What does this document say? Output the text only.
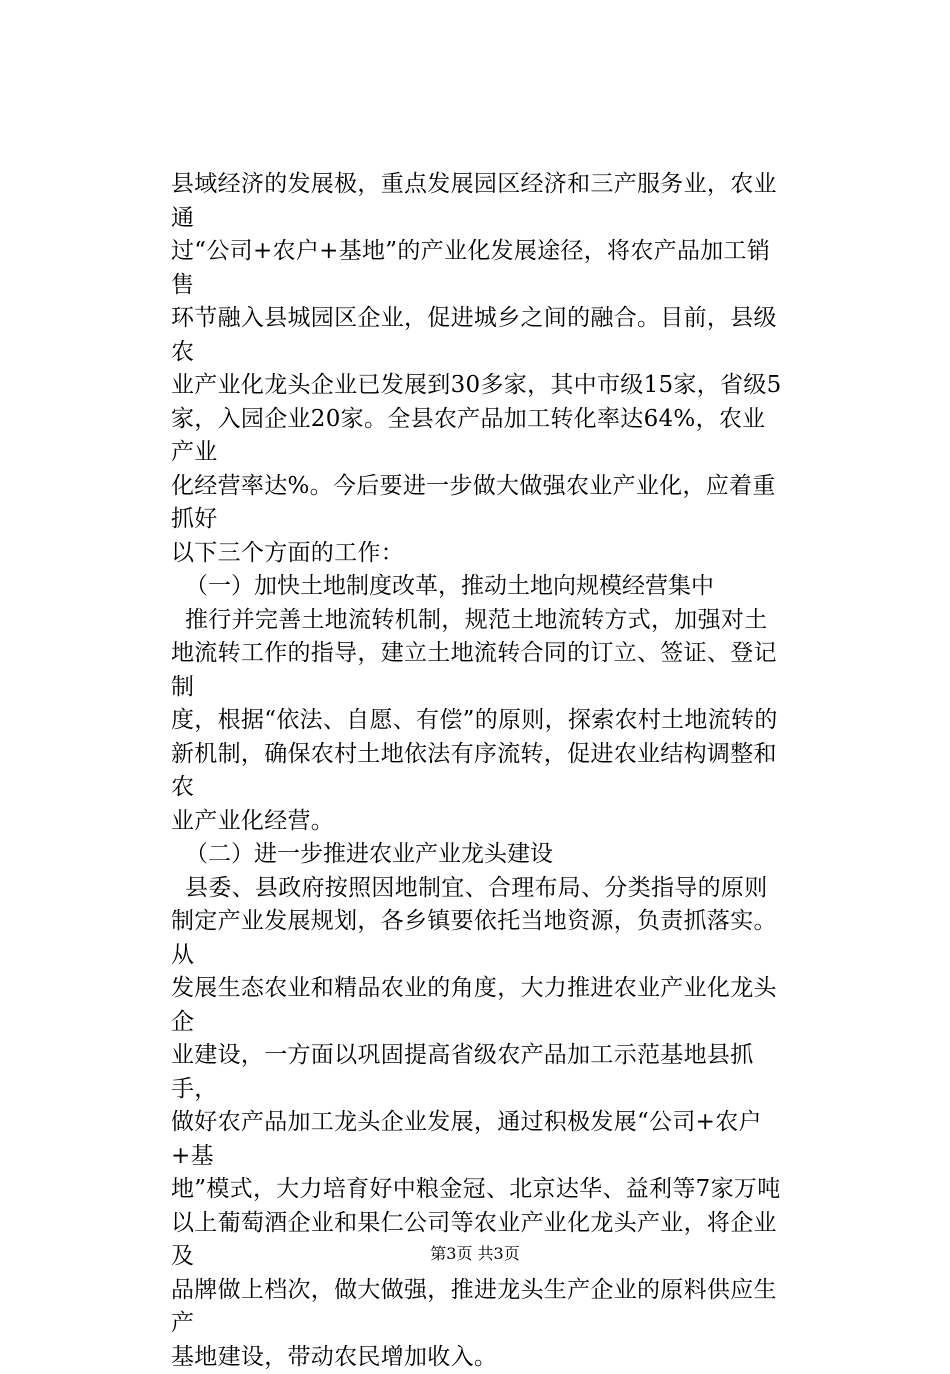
县域经济的发展极，重点发展园区经济和三产服务业，农业通
过“公司+农户+基地”的产业化发展途径，将农产品加工销售
环节融入县城园区企业，促进城乡之间的融合。目前，县级农
业产业化龙头企业已发展到30多家，其中市级15家，省级5
家，入园企业20家。全县农产品加工转化率达64%，农业产业
化经营率达%。今后要进一步做大做强农业产业化，应着重抓好
以下三个方面的工作：

（一）加快土地制度改革，推动土地向规模经营集中

推行并完善土地流转机制，规范土地流转方式，加强对土
地流转工作的指导，建立土地流转合同的订立、签证、登记制
度，根据“依法、自愿、有偿”的原则，探索农村土地流转的
新机制，确保农村土地依法有序流转，促进农业结构调整和农
业产业化经营。

（二）进一步推进农业产业龙头建设

县委、县政府按照因地制宜、合理布局、分类指导的原则
制定产业发展规划，各乡镇要依托当地资源，负责抓落实。从
发展生态农业和精品农业的角度，大力推进农业产业化龙头企
业建设，一方面以巩固提高省级农产品加工示范基地县抓手，
做好农产品加工龙头企业发展，通过积极发展“公司+农户+基
地”模式，大力培育好中粮金冠、北京达华、益利等7家万吨
以上葡萄酒企业和果仁公司等农业产业化龙头产业，将企业及
品牌做上档次，做大做强，推进龙头生产企业的原料供应生产
基地建设，带动农民增加收入。

第3页 共3页
